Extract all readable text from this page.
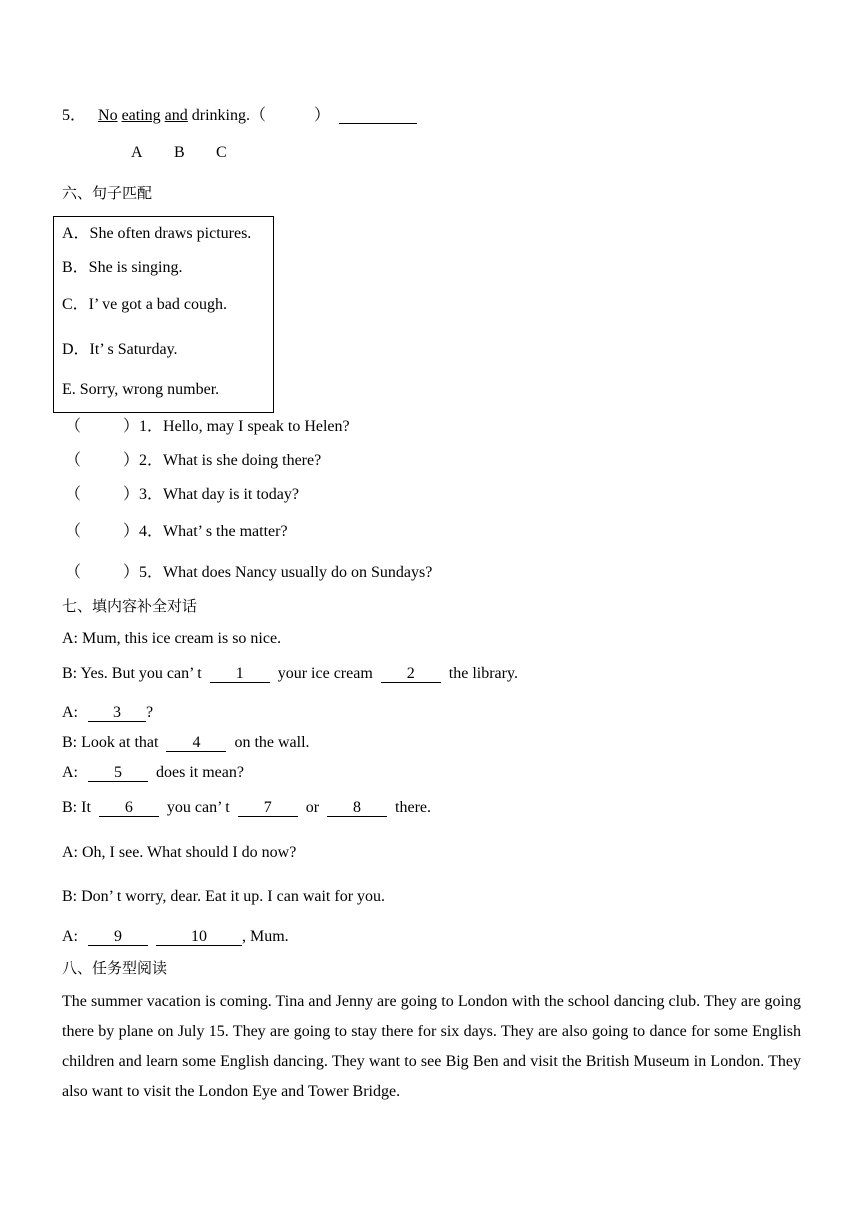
5． No eating and drinking.（	）
A B C
六、句子匹配
A．She often draws pictures.
B．She is singing.
C．I’ ve got a bad cough.
D．It’ s Saturday.
E. Sorry, wrong number.
（	）1．Hello, may I speak to Helen?
（	）2．What is she doing there?
（	）3．What day is it today?
（	）4．What’ s the matter?
（	）5．What does Nancy usually do on Sundays?
七、填内容补全对话
A: Mum, this ice cream is so nice.
B: Yes. But you can’ t 1 your ice cream 2 the library.
A: 3 ?
B: Look at that 4 on the wall.
A: 5 does it mean?
B: It 6 you can’ t 7 or 8 there.
A: Oh, I see. What should I do now?
B: Don’ t worry, dear. Eat it up. I can wait for you.
A: 9	10 , Mum.
八、任务型阅读
The summer vacation is coming. Tina and Jenny are going to London with the school dancing club. They are going there by plane on July 15. They are going to stay there for six days. They are also going to dance for some English children and learn some English dancing. They want to see Big Ben and visit the British Museum in London. They also want to visit the London Eye and Tower Bridge.
